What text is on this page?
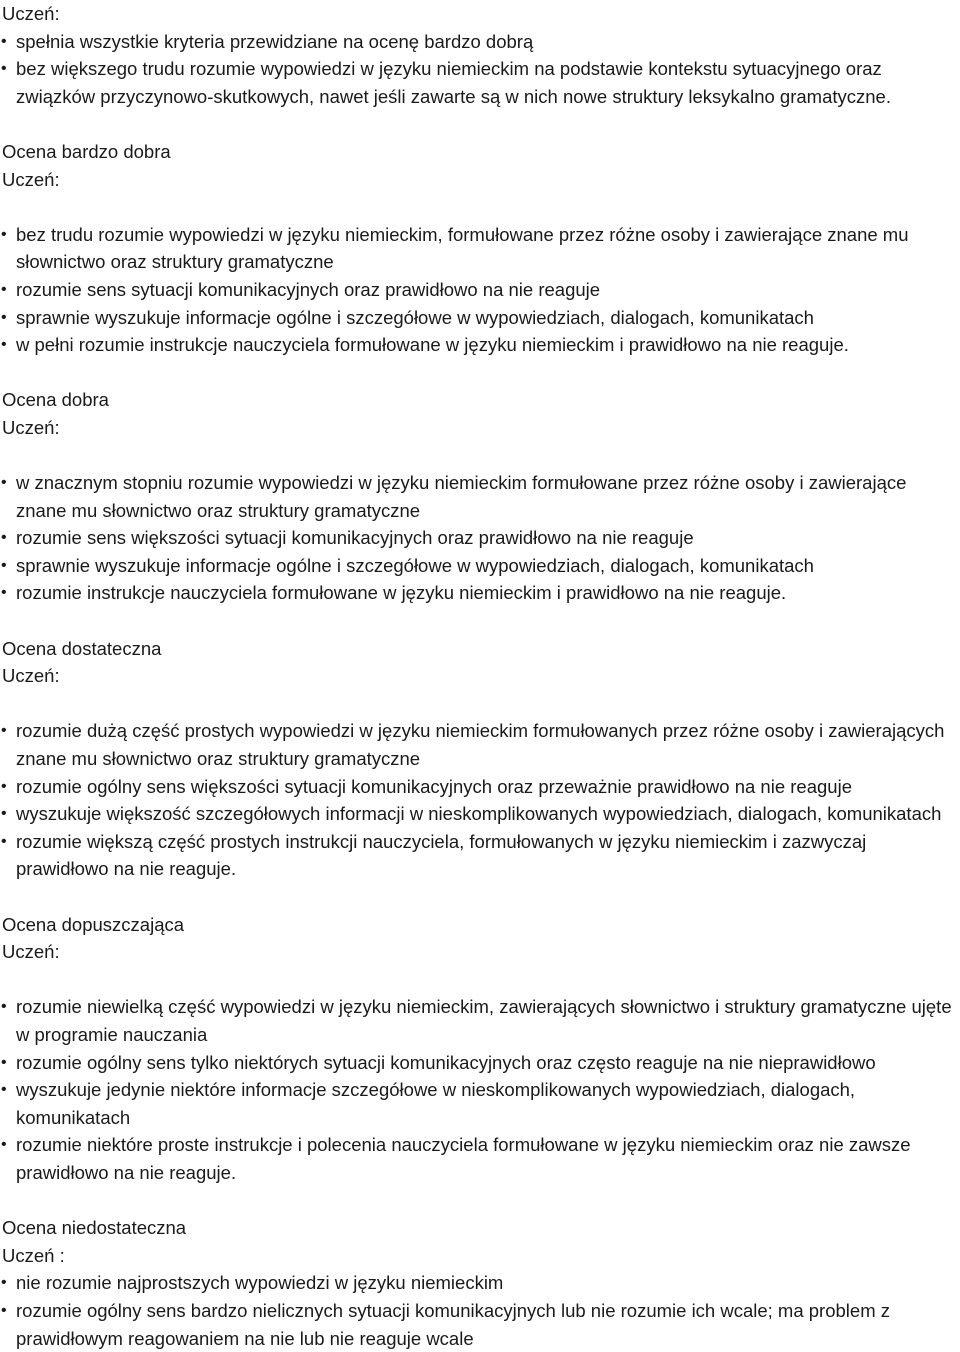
Uczeń:

• spełnia wszystkie kryteria przewidziane na ocenę bardzo dobrą
• bez większego trudu rozumie wypowiedzi w języku niemieckim na podstawie kontekstu sytuacyjnego oraz związków przyczynowo-skutkowych, nawet jeśli zawarte są w nich nowe struktury leksykalno gramatyczne.
Ocena bardzo dobra

Uczeń:

• bez trudu rozumie wypowiedzi w języku niemieckim, formułowane przez różne osoby i zawierające znane mu słownictwo oraz struktury gramatyczne
• rozumie sens sytuacji komunikacyjnych oraz prawidłowo na nie reaguje
• sprawnie wyszukuje informacje ogólne i szczegółowe w wypowiedziach, dialogach, komunikatach
• w pełni rozumie instrukcje nauczyciela formułowane w języku niemieckim i prawidłowo na nie reaguje.
Ocena dobra

Uczeń:

• w znacznym stopniu rozumie wypowiedzi w języku niemieckim formułowane przez różne osoby i zawierające znane mu słownictwo oraz struktury gramatyczne
• rozumie sens większości sytuacji komunikacyjnych oraz prawidłowo na nie reaguje
• sprawnie wyszukuje informacje ogólne i szczegółowe w wypowiedziach, dialogach, komunikatach
• rozumie instrukcje nauczyciela formułowane w języku niemieckim i prawidłowo na nie reaguje.
Ocena dostateczna

Uczeń:

• rozumie dużą część prostych wypowiedzi w języku niemieckim formułowanych przez różne osoby i zawierających znane mu słownictwo oraz struktury gramatyczne
• rozumie ogólny sens większości sytuacji komunikacyjnych oraz przeważnie prawidłowo na nie reaguje
• wyszukuje większość szczegółowych informacji w nieskomplikowanych wypowiedziach, dialogach, komunikatach
• rozumie większą część prostych instrukcji nauczyciela, formułowanych w języku niemieckim i zazwyczaj prawidłowo na nie reaguje.
Ocena dopuszczająca

Uczeń:

• rozumie niewielką część wypowiedzi w języku niemieckim, zawierających słownictwo i struktury gramatyczne ujęte w programie nauczania
• rozumie ogólny sens tylko niektórych sytuacji komunikacyjnych oraz często reaguje na nie nieprawidłowo
• wyszukuje jedynie niektóre informacje szczegółowe w nieskomplikowanych wypowiedziach, dialogach, komunikatach
• rozumie niektóre proste instrukcje i polecenia nauczyciela formułowane w języku niemieckim oraz nie zawsze prawidłowo na nie reaguje.
Ocena niedostateczna

Uczeń :

• nie rozumie najprostszych wypowiedzi w języku niemieckim
• rozumie ogólny sens bardzo nielicznych sytuacji komunikacyjnych lub nie rozumie ich wcale; ma problem z prawidłowym reagowaniem na nie lub nie reaguje wcale
